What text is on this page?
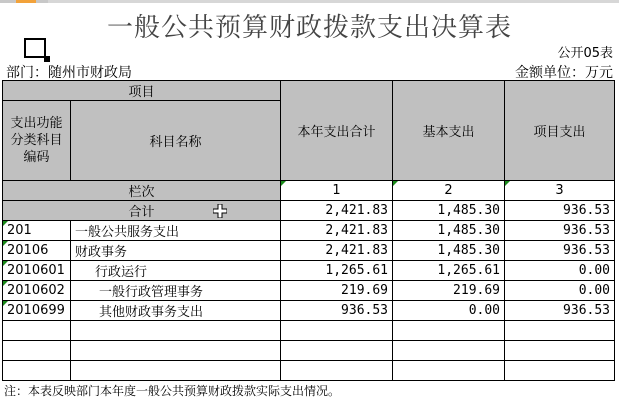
一般公共预算财政拨款支出决算表
公开05表
部门：随州市财政局	金额单位：万元
项目		本年支出合计	基本支出	项目支出
支出功能分类科目编码	科目名称			
栏次		1	2	3
合计		2,421.83	1,485.30	936.53
201	一般公共服务支出	2,421.83	1,485.30	936.53
20106	财政事务	2,421.83	1,485.30	936.53
2010601	行政运行	1,265.61	1,265.61	0.00
2010602	一般行政管理事务	219.69	219.69	0.00
2010699	其他财政事务支出	936.53	0.00	936.53

注：本表反映部门本年度一般公共预算财政拨款实际支出情况。
